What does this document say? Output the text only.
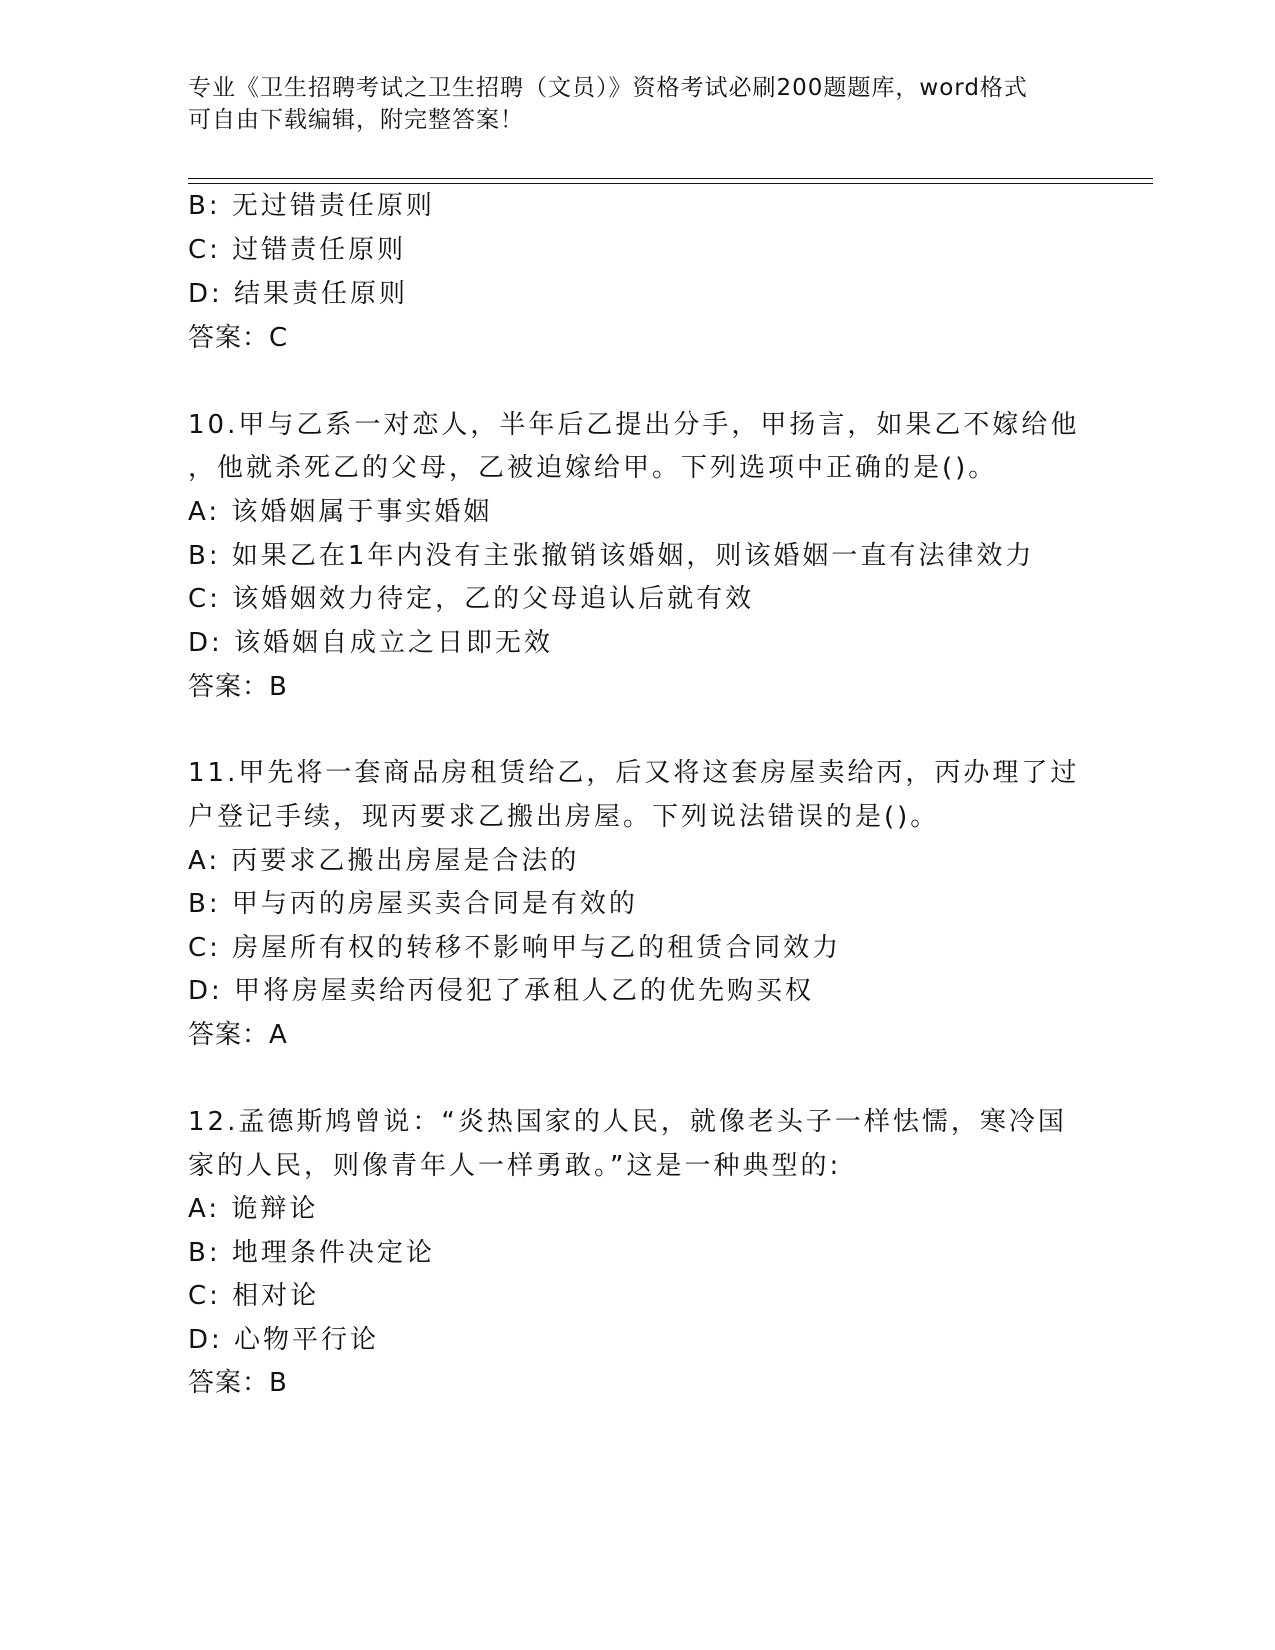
专业《卫生招聘考试之卫生招聘（文员）》资格考试必刷200题题库，word格式
可自由下载编辑，附完整答案！
B: 无过错责任原则
C: 过错责任原则
D: 结果责任原则
答案：C
10.甲与乙系一对恋人，半年后乙提出分手，甲扬言，如果乙不嫁给他
，他就杀死乙的父母，乙被迫嫁给甲。下列选项中正确的是()。
A: 该婚姻属于事实婚姻
B: 如果乙在1年内没有主张撤销该婚姻，则该婚姻一直有法律效力
C: 该婚姻效力待定，乙的父母追认后就有效
D: 该婚姻自成立之日即无效
答案：B
11.甲先将一套商品房租赁给乙，后又将这套房屋卖给丙，丙办理了过
户登记手续，现丙要求乙搬出房屋。下列说法错误的是()。
A: 丙要求乙搬出房屋是合法的
B: 甲与丙的房屋买卖合同是有效的
C: 房屋所有权的转移不影响甲与乙的租赁合同效力
D: 甲将房屋卖给丙侵犯了承租人乙的优先购买权
答案：A
12.孟德斯鸠曾说：“炎热国家的人民，就像老头子一样怯懦，寒冷国
家的人民，则像青年人一样勇敢。”这是一种典型的:
A: 诡辩论
B: 地理条件决定论
C: 相对论
D: 心物平行论
答案：B
